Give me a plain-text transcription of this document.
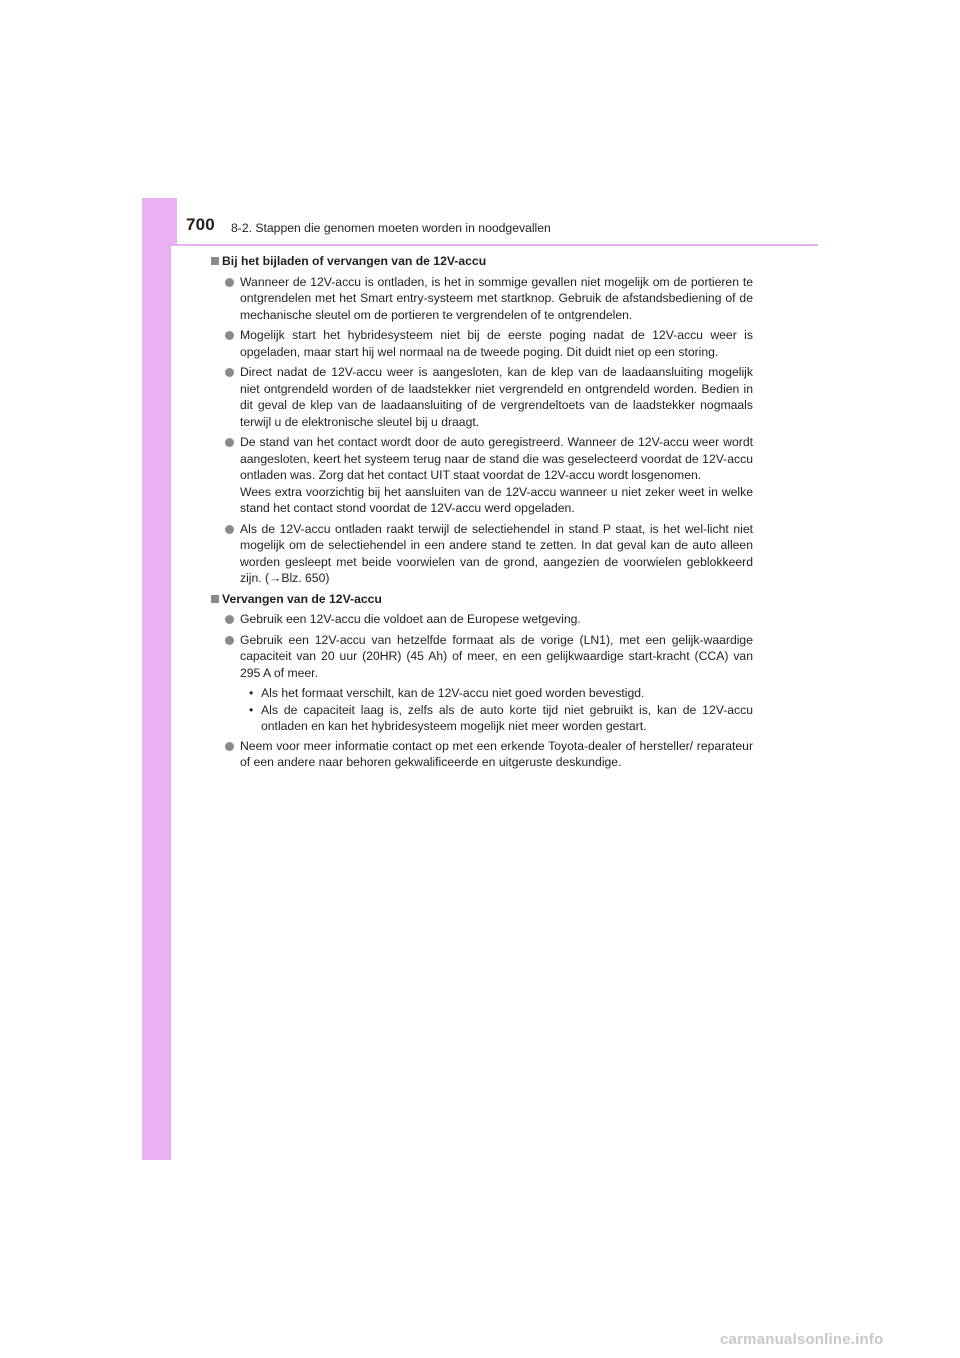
700 8-2. Stappen die genomen moeten worden in noodgevallen
Bij het bijladen of vervangen van de 12V-accu

Wanneer de 12V-accu is ontladen, is het in sommige gevallen niet mogelijk om de portieren te ontgrendelen met het Smart entry-systeem met startknop. Gebruik de afstandsbediening of de mechanische sleutel om de portieren te vergrendelen of te ontgrendelen.

Mogelijk start het hybridesysteem niet bij de eerste poging nadat de 12V-accu weer is opgeladen, maar start hij wel normaal na de tweede poging. Dit duidt niet op een storing.

Direct nadat de 12V-accu weer is aangesloten, kan de klep van de laadaansluiting mogelijk niet ontgrendeld worden of de laadstekker niet vergrendeld en ontgrendeld worden. Bedien in dit geval de klep van de laadaansluiting of de vergrendeltoets van de laadstekker nogmaals terwijl u de elektronische sleutel bij u draagt.

De stand van het contact wordt door de auto geregistreerd. Wanneer de 12V-accu weer wordt aangesloten, keert het systeem terug naar de stand die was geselecteerd voordat de 12V-accu ontladen was. Zorg dat het contact UIT staat voordat de 12V-accu wordt losgenomen.

Wees extra voorzichtig bij het aansluiten van de 12V-accu wanneer u niet zeker weet in welke stand het contact stond voordat de 12V-accu werd opgeladen.

Als de 12V-accu ontladen raakt terwijl de selectiehendel in stand P staat, is het wel-licht niet mogelijk om de selectiehendel in een andere stand te zetten. In dat geval kan de auto alleen worden gesleept met beide voorwielen van de grond, aangezien de voorwielen geblokkeerd zijn. (→Blz. 650)

Vervangen van de 12V-accu

Gebruik een 12V-accu die voldoet aan de Europese wetgeving.

Gebruik een 12V-accu van hetzelfde formaat als de vorige (LN1), met een gelijk-waardige capaciteit van 20 uur (20HR) (45 Ah) of meer, en een gelijkwaardige start-kracht (CCA) van 295 A of meer.

• Als het formaat verschilt, kan de 12V-accu niet goed worden bevestigd.
• Als de capaciteit laag is, zelfs als de auto korte tijd niet gebruikt is, kan de 12V-accu ontladen en kan het hybridesysteem mogelijk niet meer worden gestart.

Neem voor meer informatie contact op met een erkende Toyota-dealer of hersteller/ reparateur of een andere naar behoren gekwalificeerde en uitgeruste deskundige.

carmanualsonline.info
